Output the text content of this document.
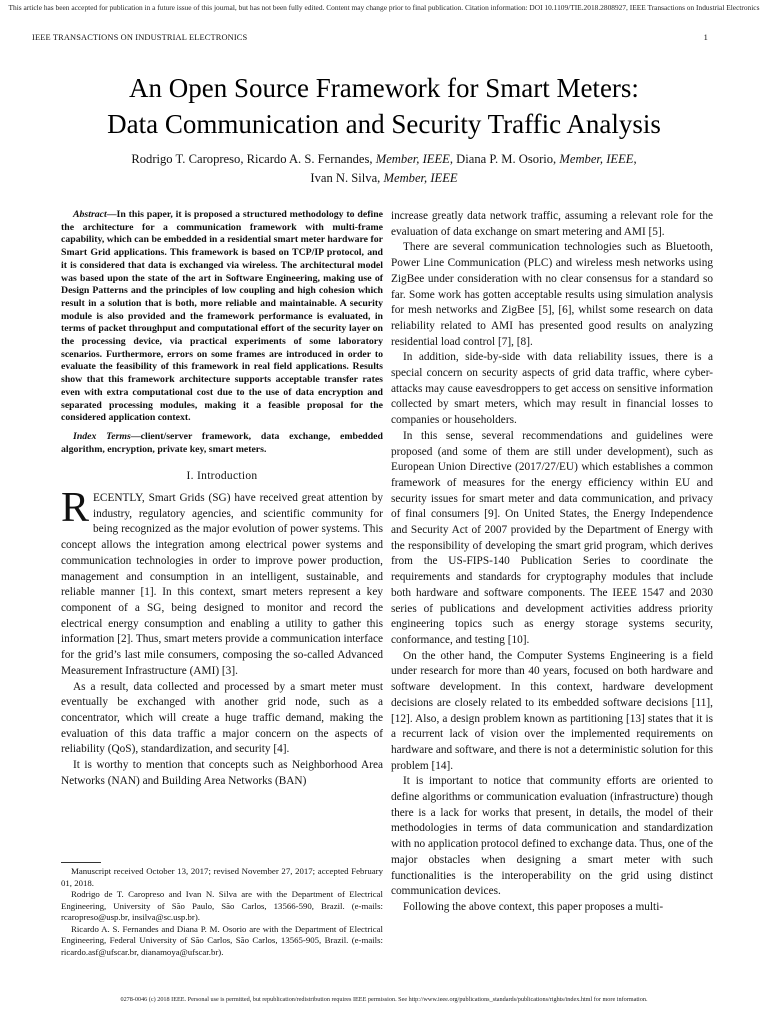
This article has been accepted for publication in a future issue of this journal, but has not been fully edited. Content may change prior to final publication. Citation information: DOI 10.1109/TIE.2018.2808927, IEEE Transactions on Industrial Electronics
IEEE TRANSACTIONS ON INDUSTRIAL ELECTRONICS	1
An Open Source Framework for Smart Meters:
Data Communication and Security Traffic Analysis
Rodrigo T. Caropreso, Ricardo A. S. Fernandes, Member, IEEE, Diana P. M. Osorio, Member, IEEE,
Ivan N. Silva, Member, IEEE

Abstract—In this paper, it is proposed a structured methodology to define the architecture for a communication framework with multi-frame capability, which can be embedded in a residential smart meter hardware for Smart Grid applications. This framework is based on TCP/IP protocol, and it is considered that data is exchanged via wireless. The architectural model was based upon the state of the art in Software Engineering, making use of Design Patterns and the principles of low coupling and high cohesion which result in a solution that is both, more reliable and maintainable. A security module is also provided and the framework performance is evaluated, in terms of packet throughput and computational effort of the security layer on the processing device, via practical experiments of some laboratory scenarios. Furthermore, errors on some frames are introduced in order to evaluate the feasibility of this framework in real field applications. Results show that this framework architecture supports acceptable transfer rates even with extra computational cost due to the use of data encryption and separated processing modules, making it a feasible proposal for the considered application context.

Index Terms—client/server framework, data exchange, embedded algorithm, encryption, private key, smart meters.

I. Introduction

RECENTLY, Smart Grids (SG) have received great attention by industry, regulatory agencies, and scientific community for being recognized as the major evolution of power systems. This concept allows the integration among electrical power systems and communication technologies in order to improve power production, management and consumption in an intelligent, sustainable, and reliable manner [1]. In this context, smart meters represent a key component of a SG, being designed to monitor and record the electrical energy consumption and enabling a utility to gather this information [2]. Thus, smart meters provide a communication interface for the grid’s last mile consumers, composing the so-called Advanced Measurement Infrastructure (AMI) [3].

As a result, data collected and processed by a smart meter must eventually be exchanged with another grid node, such as a concentrator, which will create a huge traffic demand, making the evaluation of this data traffic a major concern on the aspects of reliability (QoS), standardization, and security [4].

It is worthy to mention that concepts such as Neighborhood Area Networks (NAN) and Building Area Networks (BAN)

Manuscript received October 13, 2017; revised November 27, 2017; accepted February 01, 2018.

Rodrigo de T. Caropreso and Ivan N. Silva are with the Department of Electrical Engineering, University of São Paulo, São Carlos, 13566-590, Brazil. (e-mails: rcaropreso@usp.br, insilva@sc.usp.br).

Ricardo A. S. Fernandes and Diana P. M. Osorio are with the Department of Electrical Engineering, Federal University of São Carlos, São Carlos, 13565-905, Brazil. (e-mails: ricardo.asf@ufscar.br, dianamoya@ufscar.br).

increase greatly data network traffic, assuming a relevant role for the evaluation of data exchange on smart metering and AMI [5].

There are several communication technologies such as Bluetooth, Power Line Communication (PLC) and wireless mesh networks using ZigBee under consideration with no clear consensus for a standard so far. Some work has gotten acceptable results using simulation analysis for mesh networks and ZigBee [5], [6], whilst some research on data reliability related to AMI has presented good results on analyzing residential load control [7], [8].

In addition, side-by-side with data reliability issues, there is a special concern on security aspects of grid data traffic, where cyber-attacks may cause eavesdroppers to get access on sensitive information collected by smart meters, which may result in financial losses to companies or householders.

In this sense, several recommendations and guidelines were proposed (and some of them are still under development), such as European Union Directive (2017/27/EU) which establishes a common framework of measures for the energy efficiency within EU and security issues for smart meter and data communication, and privacy of final consumers [9]. On United States, the Energy Independence and Security Act of 2007 provided by the Department of Energy with the responsibility of developing the smart grid program, which derives from the US-FIPS-140 Publication Series to coordinate the requirements and standards for cryptography modules that include both hardware and software components. The IEEE 1547 and 2030 series of publications and development activities address priority engineering topics such as energy storage systems security, conformance, and testing [10].

On the other hand, the Computer Systems Engineering is a field under research for more than 40 years, focused on both hardware and software development. In this context, hardware development decisions are closely related to its embedded software decisions [11], [12]. Also, a design problem known as partitioning [13] states that it is a recurrent lack of vision over the implemented requirements on hardware and software, and there is not a deterministic solution for this problem [14].

It is important to notice that community efforts are oriented to define algorithms or communication evaluation (infrastructure) though there is a lack for works that present, in details, the model of their methodologies in terms of data communication and standardization with no application protocol defined to exchange data. Thus, one of the major obstacles when designing a smart meter with such functionalities is the interoperability on the grid using distinct communication devices.

Following the above context, this paper proposes a multi-

0278-0046 (c) 2018 IEEE. Personal use is permitted, but republication/redistribution requires IEEE permission. See http://www.ieee.org/publications_standards/publications/rights/index.html for more information.
